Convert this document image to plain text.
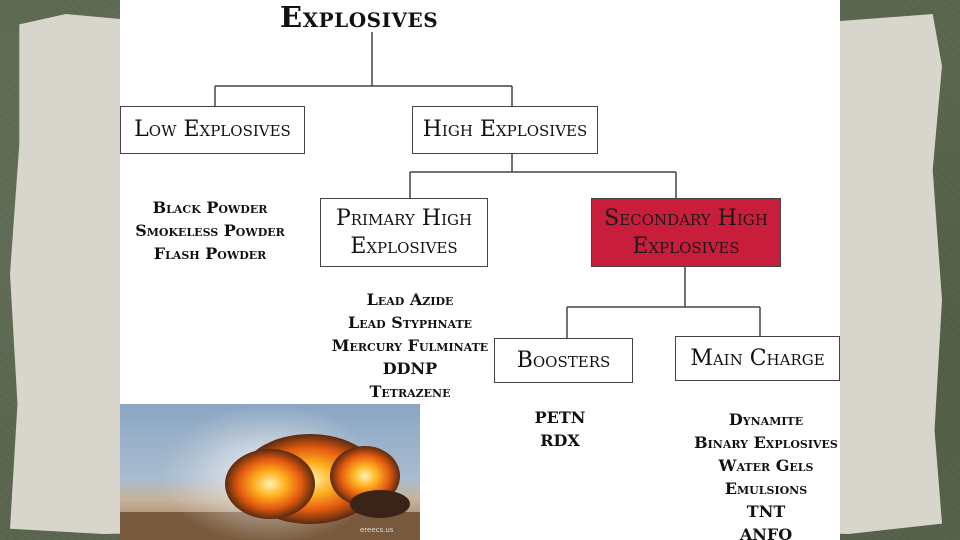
Explosives
Low Explosives	High Explosives
Primary High Explosives
Secondary High Explosives
Boosters	Main Charge
Black Powder
Smokeless Powder
Flash Powder
Lead Azide
Lead Styphnate
Mercury Fulminate
DDNP
Tetrazene
PETN
RDX
Dynamite
Binary Explosives
Water Gels
Emulsions
TNT
ANFO
ereecs.us
